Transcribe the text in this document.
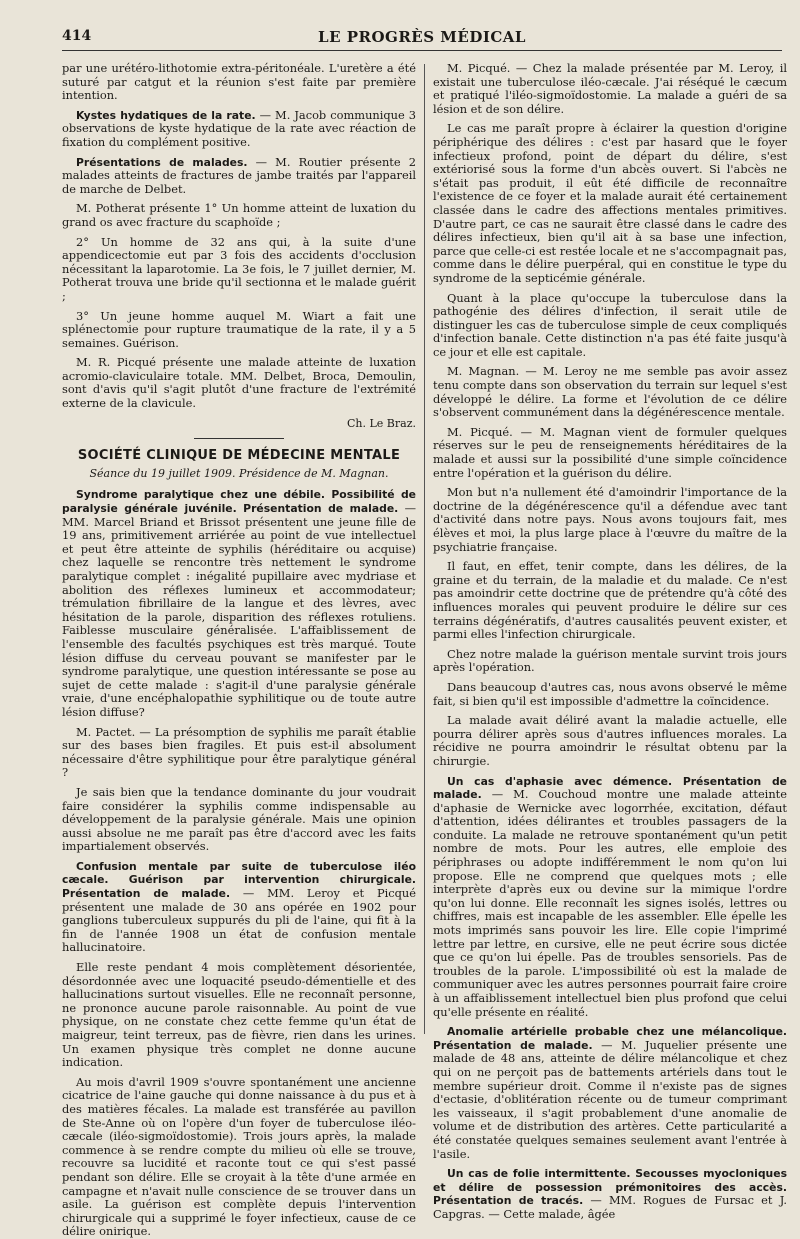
414	LE PROGRÈS MÉDICAL

par une urétéro-lithotomie extra-péritonéale. L'uretère a été suturé par catgut et la réunion s'est faite par première intention.

Kystes hydatiques de la rate. — M. Jacob communique 3 observations de kyste hydatique de la rate avec réaction de fixation du complément positive.

Présentations de malades. — M. Routier présente 2 malades atteints de fractures de jambe traités par l'appareil de marche de Delbet.

M. Potherat présente 1° Un homme atteint de luxation du grand os avec fracture du scaphoïde ;

2° Un homme de 32 ans qui, à la suite d'une appendicectomie eut par 3 fois des accidents d'occlusion nécessitant la laparotomie. La 3e fois, le 7 juillet dernier, M. Potherat trouva une bride qu'il sectionna et le malade guérit ;

3° Un jeune homme auquel M. Wiart a fait une splénectomie pour rupture traumatique de la rate, il y a 5 semaines. Guérison.

M. R. Picqué présente une malade atteinte de luxation acromio-claviculaire totale. MM. Delbet, Broca, Demoulin, sont d'avis qu'il s'agit plutôt d'une fracture de l'extrémité externe de la clavicule.

Ch. Le Braz.
SOCIÉTÉ CLINIQUE DE MÉDECINE MENTALE
Séance du 19 juillet 1909. Présidence de M. Magnan.

Syndrome paralytique chez une débile. Possibilité de paralysie générale juvénile. Présentation de malade. — MM. Marcel Briand et Brissot présentent une jeune fille de 19 ans, primitivement arriérée au point de vue intellectuel et peut être atteinte de syphilis (héréditaire ou acquise) chez laquelle se rencontre très nettement le syndrome paralytique complet : inégalité pupillaire avec mydriase et abolition des réflexes lumineux et accommodateur; trémulation fibrillaire de la langue et des lèvres, avec hésitation de la parole, disparition des réflexes rotuliens. Faiblesse musculaire généralisée. L'affaiblissement de l'ensemble des facultés psychiques est très marqué. Toute lésion diffuse du cerveau pouvant se manifester par le syndrome paralytique, une question intéressante se pose au sujet de cette malade : s'agit-il d'une paralysie générale vraie, d'une encéphalopathie syphilitique ou de toute autre lésion diffuse?

M. Pactet. — La présomption de syphilis me paraît établie sur des bases bien fragiles. Et puis est-il absolument nécessaire d'être syphilitique pour être paralytique général ?

Je sais bien que la tendance dominante du jour voudrait faire considérer la syphilis comme indispensable au développement de la paralysie générale. Mais une opinion aussi absolue ne me paraît pas être d'accord avec les faits impartialement observés.

Confusion mentale par suite de tuberculose iléo cæcale. Guérison par intervention chirurgicale. Présentation de malade. — MM. Leroy et Picqué présentent une malade de 30 ans opérée en 1902 pour ganglions tuberculeux suppurés du pli de l'aine, qui fit à la fin de l'année 1908 un état de confusion mentale hallucinatoire.

Elle reste pendant 4 mois complètement désorientée, désordonnée avec une loquacité pseudo-démentielle et des hallucinations surtout visuelles. Elle ne reconnaît personne, ne prononce aucune parole raisonnable. Au point de vue physique, on ne constate chez cette femme qu'un état de maigreur, teint terreux, pas de fièvre, rien dans les urines. Un examen physique très complet ne donne aucune indication.

Au mois d'avril 1909 s'ouvre spontanément une ancienne cicatrice de l'aine gauche qui donne naissance à du pus et à des matières fécales. La malade est transférée au pavillon de Ste-Anne où on l'opère d'un foyer de tuberculose iléo-cæcale (iléo-sigmoïdostomie). Trois jours après, la malade commence à se rendre compte du milieu où elle se trouve, recouvre sa lucidité et raconte tout ce qui s'est passé pendant son délire. Elle se croyait à la tête d'une armée en campagne et n'avait nulle conscience de se trouver dans un asile. La guérison est complète depuis l'intervention chirurgicale qui a supprimé le foyer infectieux, cause de ce délire onirique.

M. Picqué. — Chez la malade présentée par M. Leroy, il existait une tuberculose iléo-cæcale. J'ai réséqué le cæcum et pratiqué l'iléo-sigmoïdostomie. La malade a guéri de sa lésion et de son délire.

Le cas me paraît propre à éclairer la question d'origine périphérique des délires : c'est par hasard que le foyer infectieux profond, point de départ du délire, s'est extériorisé sous la forme d'un abcès ouvert. Si l'abcès ne s'était pas produit, il eût été difficile de reconnaître l'existence de ce foyer et la malade aurait été certainement classée dans le cadre des affections mentales primitives. D'autre part, ce cas ne saurait être classé dans le cadre des délires infectieux, bien qu'il ait à sa base une infection, parce que celle-ci est restée locale et ne s'accompagnait pas, comme dans le délire puerpéral, qui en constitue le type du syndrome de la septicémie générale.

Quant à la place qu'occupe la tuberculose dans la pathogénie des délires d'infection, il serait utile de distinguer les cas de tuberculose simple de ceux compliqués d'infection banale. Cette distinction n'a pas été faite jusqu'à ce jour et elle est capitale.

M. Magnan. — M. Leroy ne me semble pas avoir assez tenu compte dans son observation du terrain sur lequel s'est développé le délire. La forme et l'évolution de ce délire s'observent communément dans la dégénérescence mentale.

M. Picqué. — M. Magnan vient de formuler quelques réserves sur le peu de renseignements héréditaires de la malade et aussi sur la possibilité d'une simple coïncidence entre l'opération et la guérison du délire.

Mon but n'a nullement été d'amoindrir l'importance de la doctrine de la dégénérescence qu'il a défendue avec tant d'activité dans notre pays. Nous avons toujours fait, mes élèves et moi, la plus large place à l'œuvre du maître de la psychiatrie française.

Il faut, en effet, tenir compte, dans les délires, de la graine et du terrain, de la maladie et du malade. Ce n'est pas amoindrir cette doctrine que de prétendre qu'à côté des influences morales qui peuvent produire le délire sur ces terrains dégénératifs, d'autres causalités peuvent exister, et parmi elles l'infection chirurgicale.

Chez notre malade la guérison mentale survint trois jours après l'opération.

Dans beaucoup d'autres cas, nous avons observé le même fait, si bien qu'il est impossible d'admettre la coïncidence.

La malade avait déliré avant la maladie actuelle, elle pourra délirer après sous d'autres influences morales. La récidive ne pourra amoindrir le résultat obtenu par la chirurgie.

Un cas d'aphasie avec démence. Présentation de malade. — M. Couchoud montre une malade atteinte d'aphasie de Wernicke avec logorrhée, excitation, défaut d'attention, idées délirantes et troubles passagers de la conduite. La malade ne retrouve spontanément qu'un petit nombre de mots. Pour les autres, elle emploie des périphrases ou adopte indifféremment le nom qu'on lui propose. Elle ne comprend que quelques mots ; elle interprète d'après eux ou devine sur la mimique l'ordre qu'on lui donne. Elle reconnaît les signes isolés, lettres ou chiffres, mais est incapable de les assembler. Elle épelle les mots imprimés sans pouvoir les lire. Elle copie l'imprimé lettre par lettre, en cursive, elle ne peut écrire sous dictée que ce qu'on lui épelle. Pas de troubles sensoriels. Pas de troubles de la parole. L'impossibilité où est la malade de communiquer avec les autres personnes pourrait faire croire à un affaiblissement intellectuel bien plus profond que celui qu'elle présente en réalité.

Anomalie artérielle probable chez une mélancolique. Présentation de malade. — M. Juquelier présente une malade de 48 ans, atteinte de délire mélancolique et chez qui on ne perçoit pas de battements artériels dans tout le membre supérieur droit. Comme il n'existe pas de signes d'ectasie, d'oblitération récente ou de tumeur comprimant les vaisseaux, il s'agit probablement d'une anomalie de volume et de distribution des artères. Cette particularité a été constatée quelques semaines seulement avant l'entrée à l'asile.

Un cas de folie intermittente. Secousses myocloniques et délire de possession prémonitoires des accès. Présentation de tracés. — MM. Rogues de Fursac et J. Capgras. — Cette malade, âgée
